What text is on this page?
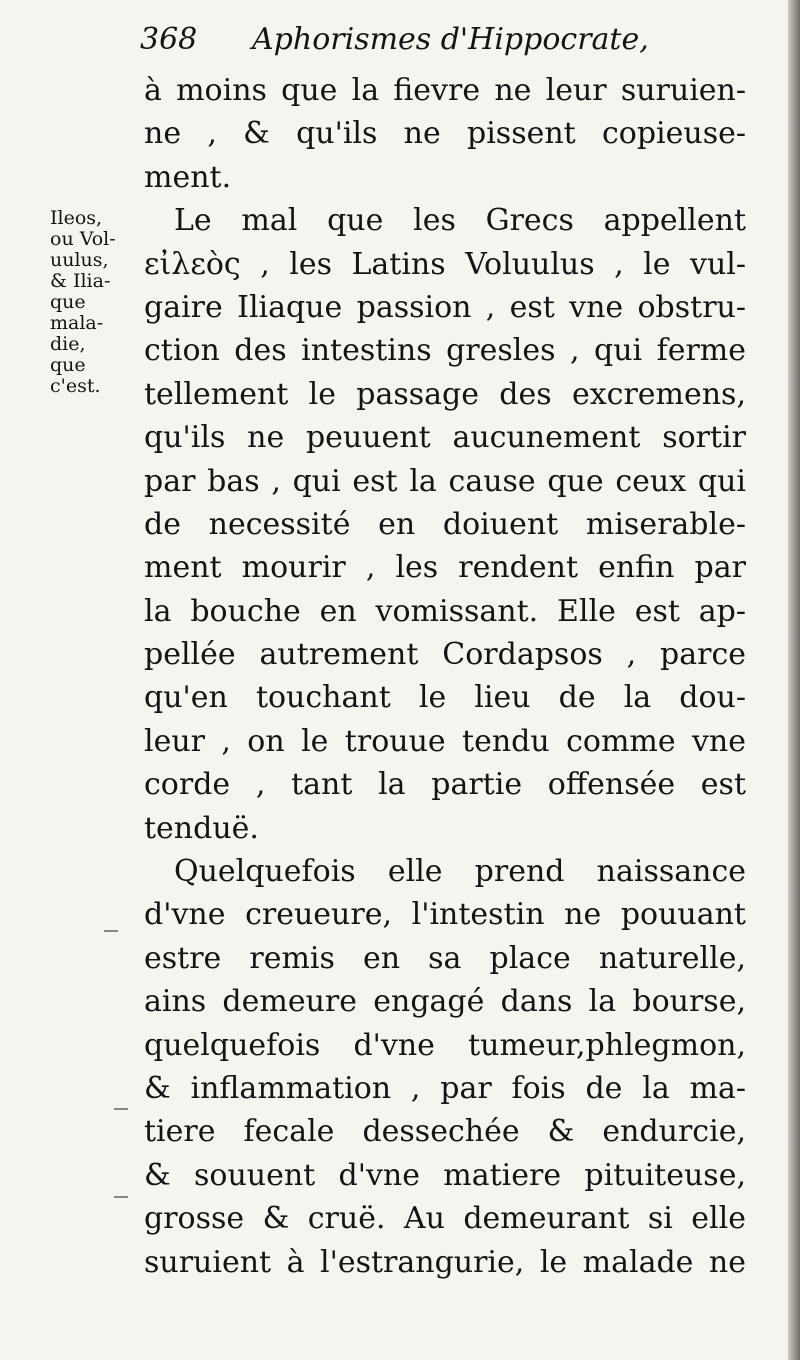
368 Aphorismes d'Hippocrate,
Ileos,
ou Vol-
uulus,
& Ilia-
que
mala-
die,
que
c'est.
à moins que la fievre ne leur suruien-
ne , & qu'ils ne pissent copieuse-
ment.
Le mal que les Grecs appellent
εἰλεὸς , les Latins Voluulus , le vul-
gaire Iliaque passion , est vne obstru-
ction des intestins gresles , qui ferme
tellement le passage des excremens,
qu'ils ne peuuent aucunement sortir
par bas , qui est la cause que ceux qui
de necessité en doiuent miserable-
ment mourir , les rendent enfin par
la bouche en vomissant. Elle est ap-
pellée autrement Cordapsos , parce
qu'en touchant le lieu de la dou-
leur , on le trouue tendu comme vne
corde , tant la partie offensée est
tenduë.
Quelquefois elle prend naissance
d'vne creueure, l'intestin ne pouuant
estre remis en sa place naturelle,
ains demeure engagé dans la bourse,
quelquefois d'vne tumeur,phlegmon,
& inflammation , par fois de la ma-
tiere fecale dessechée & endurcie,
& souuent d'vne matiere pituiteuse,
grosse & cruë. Au demeurant si elle
suruient à l'estrangurie, le malade ne
